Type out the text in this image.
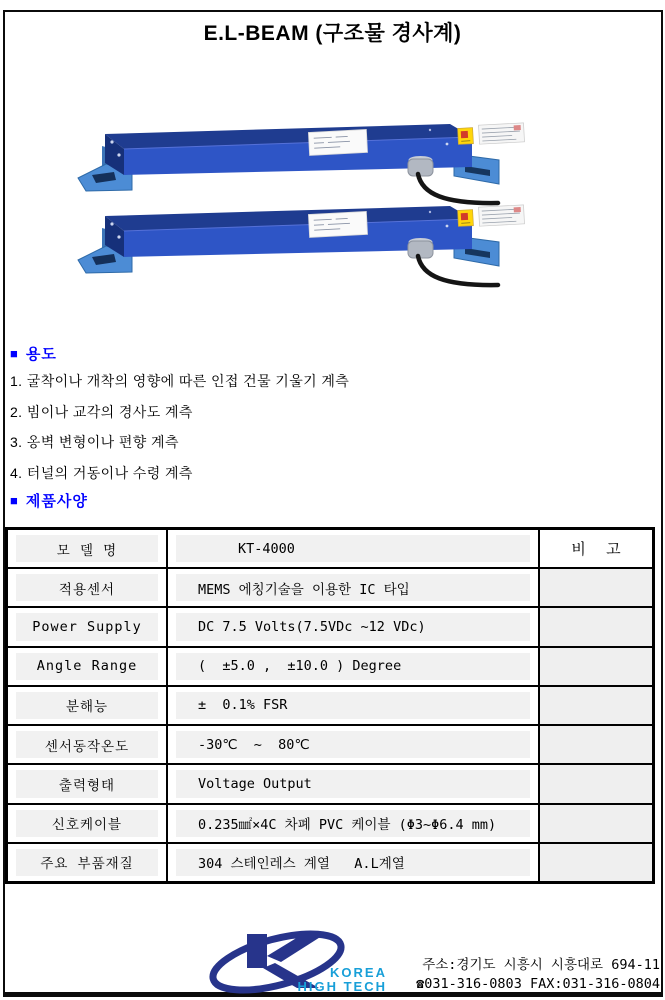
E.L-BEAM (구조물 경사계)
■ 용도
1. 굴착이나 개착의 영향에 따른 인접 건물 기울기 계측
2. 빔이나 교각의 경사도 계측
3. 옹벽 변형이나 편향 계측
4. 터널의 거동이나 수령 계측
■ 제품사양
모 델 명	KT-4000	비 고
적용센서	MEMS 에칭기술을 이용한 IC 타입
Power Supply	DC 7.5 Volts(7.5VDc ~12 VDc)
Angle Range	(  ±5.0 ,  ±10.0 ) Degree
분해능	±  0.1% FSR
센서동작온도	-30℃  ~  80℃
출력형태	Voltage Output
신호케이블	0.235㎟×4C 차폐 PVC 케이블 (Φ3~Φ6.4 mm)
주요 부품재질	304 스테인레스 계열   A.L계열
KOREA
HIGH TECH
주소:경기도 시흥시 시흥대로 694-11
☎031-316-0803 FAX:031-316-0804
